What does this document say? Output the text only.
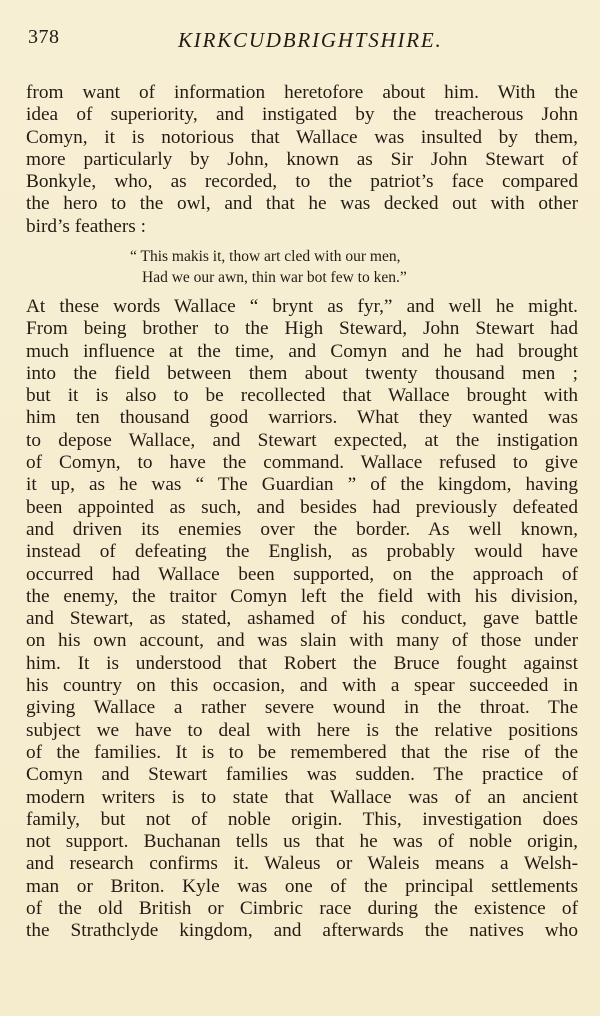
378	KIRKCUDBRIGHTSHIRE.
from want of information heretofore about him. With the
idea of superiority, and instigated by the treacherous John
Comyn, it is notorious that Wallace was insulted by them,
more particularly by John, known as Sir John Stewart of
Bonkyle, who, as recorded, to the patriot’s face compared
the hero to the owl, and that he was decked out with other
bird’s feathers :
“ This makis it, thow art cled with our men,
Had we our awn, thin war bot few to ken.”
At these words Wallace “ brynt as fyr,” and well he might.
From being brother to the High Steward, John Stewart had
much influence at the time, and Comyn and he had brought
into the field between them about twenty thousand men ;
but it is also to be recollected that Wallace brought with
him ten thousand good warriors. What they wanted was
to depose Wallace, and Stewart expected, at the instigation
of Comyn, to have the command. Wallace refused to give
it up, as he was “ The Guardian ” of the kingdom, having
been appointed as such, and besides had previously defeated
and driven its enemies over the border. As well known,
instead of defeating the English, as probably would have
occurred had Wallace been supported, on the approach of
the enemy, the traitor Comyn left the field with his division,
and Stewart, as stated, ashamed of his conduct, gave battle
on his own account, and was slain with many of those under
him. It is understood that Robert the Bruce fought against
his country on this occasion, and with a spear succeeded in
giving Wallace a rather severe wound in the throat. The
subject we have to deal with here is the relative positions
of the families. It is to be remembered that the rise of the
Comyn and Stewart families was sudden. The practice of
modern writers is to state that Wallace was of an ancient
family, but not of noble origin. This, investigation does
not support. Buchanan tells us that he was of noble origin,
and research confirms it. Waleus or Waleis means a Welsh-
man or Briton. Kyle was one of the principal settlements
of the old British or Cimbric race during the existence of
the Strathclyde kingdom, and afterwards the natives who
